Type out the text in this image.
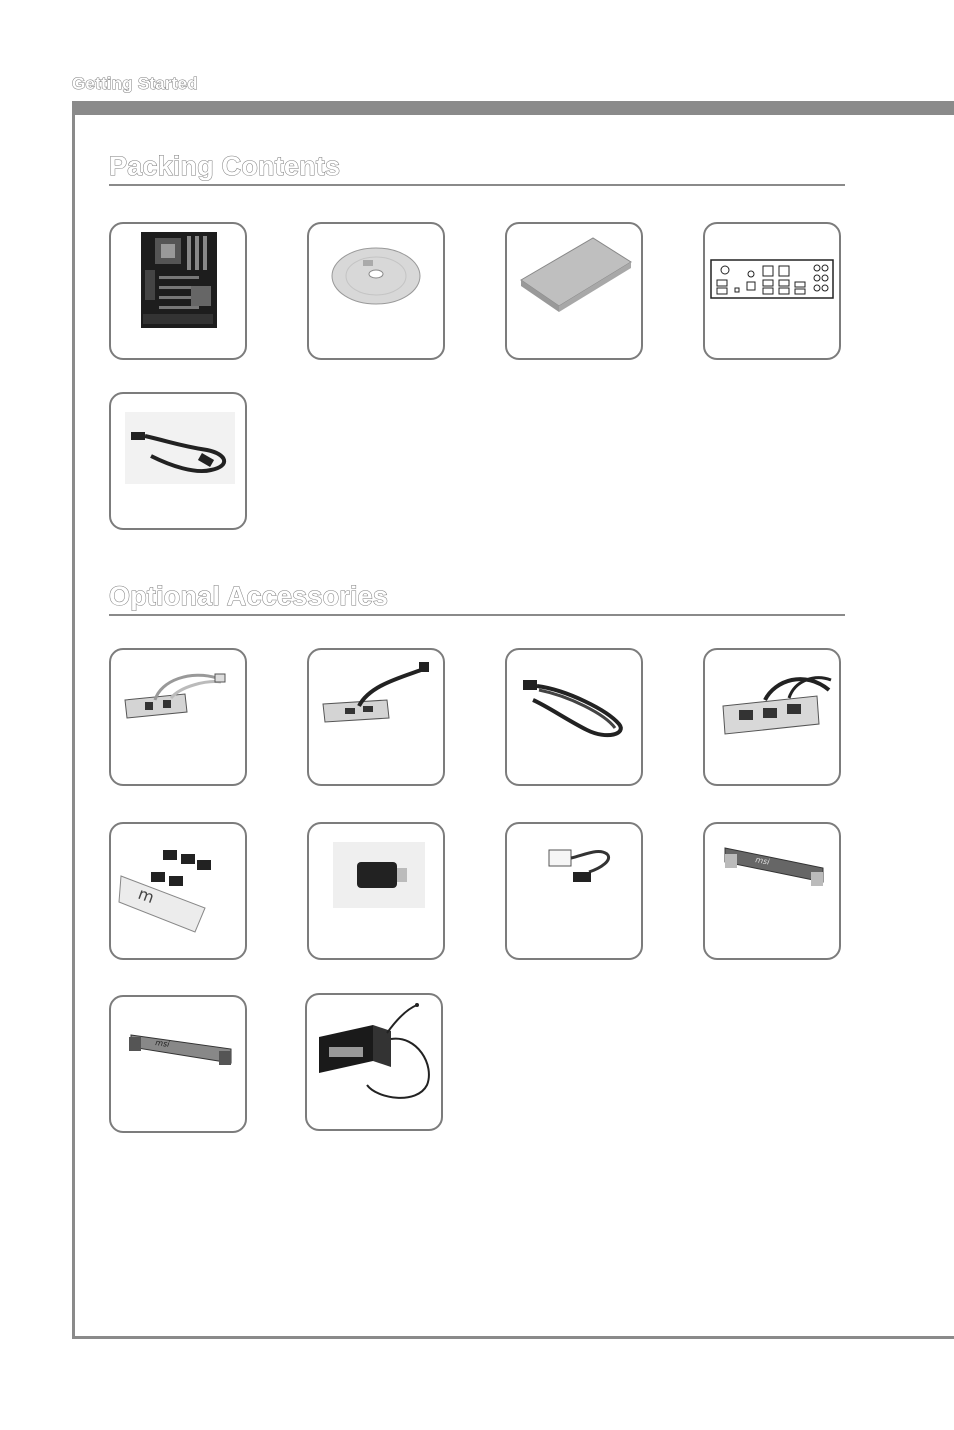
Getting Started
Packing Contents
Optional Accessories
m
msi
msi
